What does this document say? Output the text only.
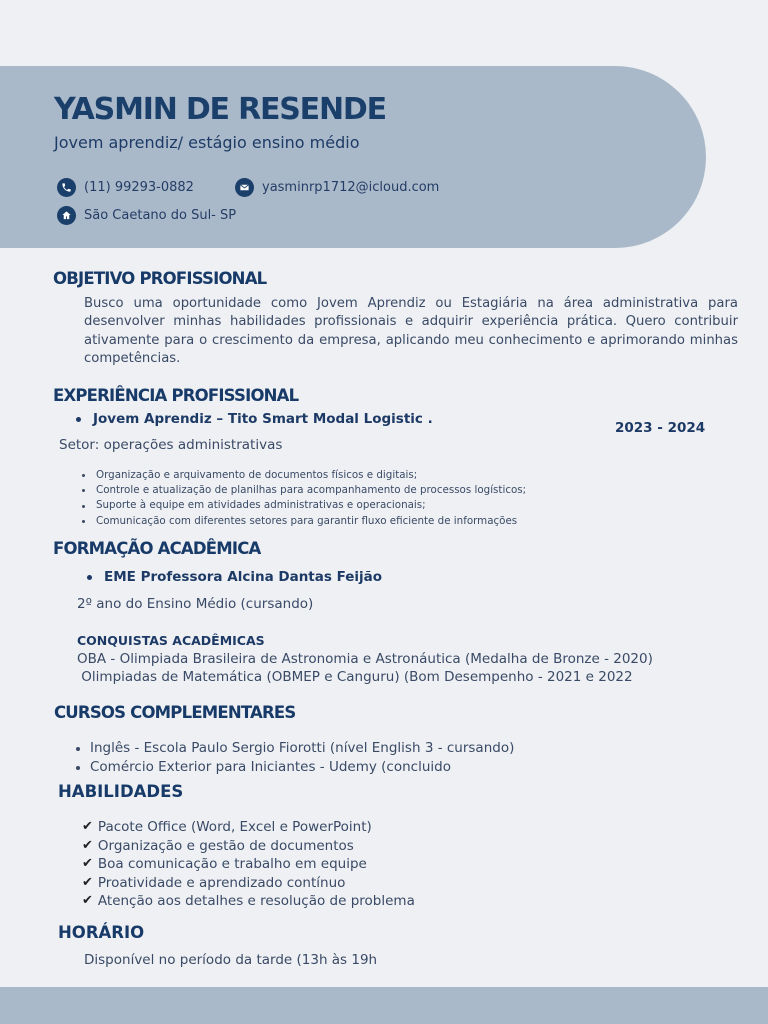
YASMIN DE RESENDE
Jovem aprendiz/ estágio ensino médio
(11) 99293-0882	yasminrp1712@icloud.com
São Caetano do Sul- SP
OBJETIVO PROFISSIONAL
Busco uma oportunidade como Jovem Aprendiz ou Estagiária na área administrativa para desenvolver minhas habilidades profissionais e adquirir experiência prática. Quero contribuir ativamente para o crescimento da empresa, aplicando meu conhecimento e aprimorando minhas competências.
EXPERIÊNCIA PROFISSIONAL
Jovem Aprendiz – Tito Smart Modal Logistic .
2023 - 2024
Setor: operações administrativas
Organização e arquivamento de documentos físicos e digitais;
Controle e atualização de planilhas para acompanhamento de processos logísticos;
Suporte à equipe em atividades administrativas e operacionais;
Comunicação com diferentes setores para garantir fluxo eficiente de informações
FORMAÇÃO ACADÊMICA
EME Professora Alcina Dantas Feijão
2º ano do Ensino Médio (cursando)
CONQUISTAS ACADÊMICAS
OBA - Olimpiada Brasileira de Astronomia e Astronáutica (Medalha de Bronze - 2020)
Olimpiadas de Matemática (OBMEP e Canguru) (Bom Desempenho - 2021 e 2022
CURSOS COMPLEMENTARES
Inglês - Escola Paulo Sergio Fiorotti (nível English 3 - cursando)
Comércio Exterior para Iniciantes - Udemy (concluido
HABILIDADES
✔ Pacote Office (Word, Excel e PowerPoint)
✔ Organização e gestão de documentos
✔ Boa comunicação e trabalho em equipe
✔ Proatividade e aprendizado contínuo
✔ Atenção aos detalhes e resolução de problema
HORÁRIO
Disponível no período da tarde (13h às 19h
